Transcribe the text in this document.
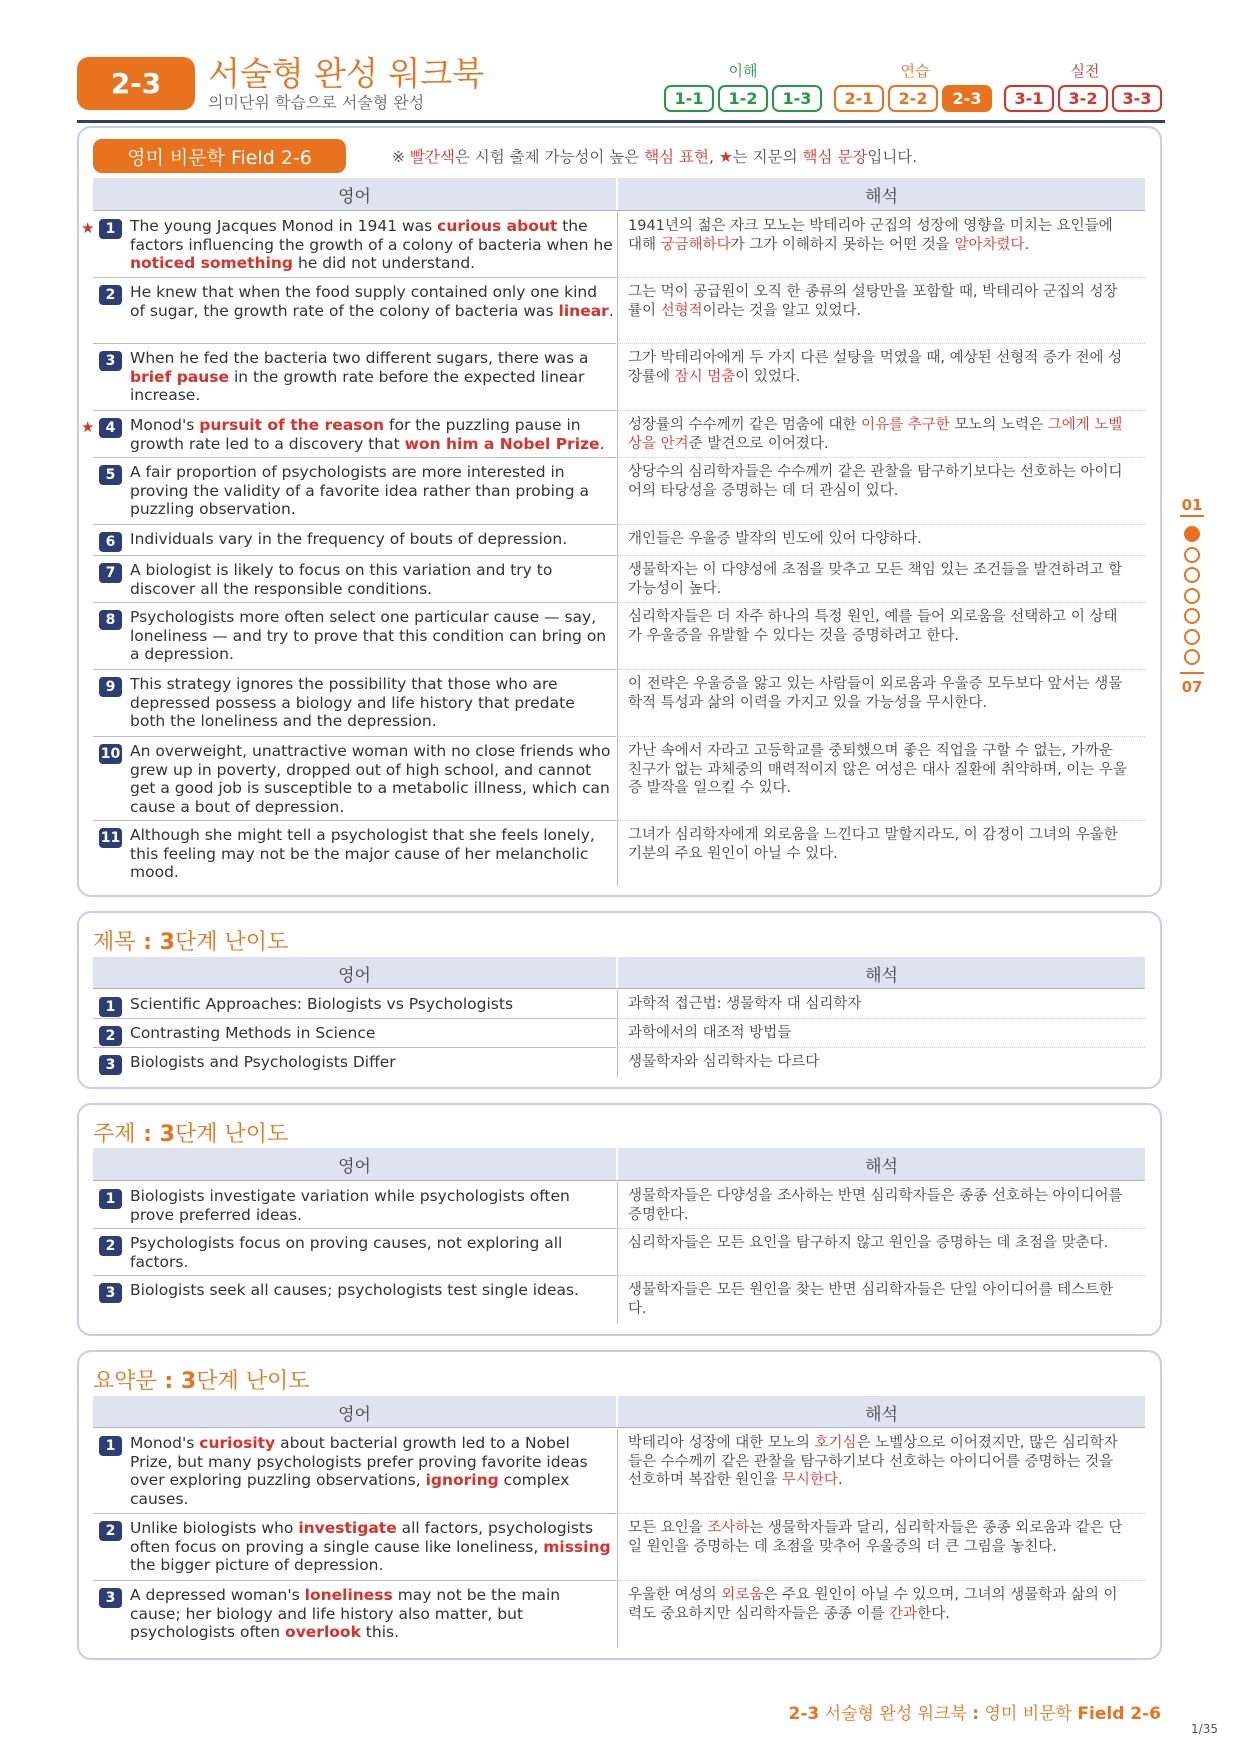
2-3	서술형 완성 워크북
의미단위 학습으로 서술형 완성
이해	연습	실전
1-1	1-2	1-3	2-1	2-2	2-3	3-1	3-2	3-3
영미 비문학 Field 2-6	※ 빨간색은 시험 출제 가능성이 높은 핵심 표현, ★는 지문의 핵심 문장입니다.
영어	해석
★ 1 The young Jacques Monod in 1941 was curious about the factors influencing the growth of a colony of bacteria when he noticed something he did not understand.
1941년의 젊은 자크 모노는 박테리아 군집의 성장에 영향을 미치는 요인들에 대해 궁금해하다가 그가 이해하지 못하는 어떤 것을 알아차렸다.
2 He knew that when the food supply contained only one kind of sugar, the growth rate of the colony of bacteria was linear.
그는 먹이 공급원이 오직 한 종류의 설탕만을 포함할 때, 박테리아 군집의 성장률이 선형적이라는 것을 알고 있었다.
3 When he fed the bacteria two different sugars, there was a brief pause in the growth rate before the expected linear increase.
그가 박테리아에게 두 가지 다른 설탕을 먹였을 때, 예상된 선형적 증가 전에 성장률에 잠시 멈춤이 있었다.
★ 4 Monod's pursuit of the reason for the puzzling pause in growth rate led to a discovery that won him a Nobel Prize.
성장률의 수수께끼 같은 멈춤에 대한 이유를 추구한 모노의 노력은 그에게 노벨상을 안겨준 발견으로 이어졌다.
5 A fair proportion of psychologists are more interested in proving the validity of a favorite idea rather than probing a puzzling observation.
상당수의 심리학자들은 수수께끼 같은 관찰을 탐구하기보다는 선호하는 아이디어의 타당성을 증명하는 데 더 관심이 있다.
6 Individuals vary in the frequency of bouts of depression.	개인들은 우울증 발작의 빈도에 있어 다양하다.
7 A biologist is likely to focus on this variation and try to discover all the responsible conditions.
생물학자는 이 다양성에 초점을 맞추고 모든 책임 있는 조건들을 발견하려고 할 가능성이 높다.
8 Psychologists more often select one particular cause — say, loneliness — and try to prove that this condition can bring on a depression.
심리학자들은 더 자주 하나의 특정 원인, 예를 들어 외로움을 선택하고 이 상태가 우울증을 유발할 수 있다는 것을 증명하려고 한다.
9 This strategy ignores the possibility that those who are depressed possess a biology and life history that predate both the loneliness and the depression.
이 전략은 우울증을 앓고 있는 사람들이 외로움과 우울증 모두보다 앞서는 생물학적 특성과 삶의 이력을 가지고 있을 가능성을 무시한다.
10 An overweight, unattractive woman with no close friends who grew up in poverty, dropped out of high school, and cannot get a good job is susceptible to a metabolic illness, which can cause a bout of depression.
가난 속에서 자라고 고등학교를 중퇴했으며 좋은 직업을 구할 수 없는, 가까운 친구가 없는 과체중의 매력적이지 않은 여성은 대사 질환에 취약하며, 이는 우울증 발작을 일으킬 수 있다.
11 Although she might tell a psychologist that she feels lonely, this feeling may not be the major cause of her melancholic mood.
그녀가 심리학자에게 외로움을 느낀다고 말할지라도, 이 감정이 그녀의 우울한 기분의 주요 원인이 아닐 수 있다.
제목 : 3단계 난이도
영어	해석
1 Scientific Approaches: Biologists vs Psychologists	과학적 접근법: 생물학자 대 심리학자
2 Contrasting Methods in Science	과학에서의 대조적 방법들
3 Biologists and Psychologists Differ	생물학자와 심리학자는 다르다
주제 : 3단계 난이도
영어	해석
1 Biologists investigate variation while psychologists often prove preferred ideas.
생물학자들은 다양성을 조사하는 반면 심리학자들은 종종 선호하는 아이디어를 증명한다.
2 Psychologists focus on proving causes, not exploring all factors.
심리학자들은 모든 요인을 탐구하지 않고 원인을 증명하는 데 초점을 맞춘다.
3 Biologists seek all causes; psychologists test single ideas.	생물학자들은 모든 원인을 찾는 반면 심리학자들은 단일 아이디어를 테스트한다.
요약문 : 3단계 난이도
영어	해석
1 Monod's curiosity about bacterial growth led to a Nobel Prize, but many psychologists prefer proving favorite ideas over exploring puzzling observations, ignoring complex causes.
박테리아 성장에 대한 모노의 호기심은 노벨상으로 이어졌지만, 많은 심리학자들은 수수께끼 같은 관찰을 탐구하기보다 선호하는 아이디어를 증명하는 것을 선호하며 복잡한 원인을 무시한다.
2 Unlike biologists who investigate all factors, psychologists often focus on proving a single cause like loneliness, missing the bigger picture of depression.
모든 요인을 조사하는 생물학자들과 달리, 심리학자들은 종종 외로움과 같은 단일 원인을 증명하는 데 초점을 맞추어 우울증의 더 큰 그림을 놓친다.
3 A depressed woman's loneliness may not be the main cause; her biology and life history also matter, but psychologists often overlook this.
우울한 여성의 외로움은 주요 원인이 아닐 수 있으며, 그녀의 생물학과 삶의 이력도 중요하지만 심리학자들은 종종 이를 간과한다.
01
07
2-3 서술형 완성 워크북 : 영미 비문학 Field 2-6
1/35
